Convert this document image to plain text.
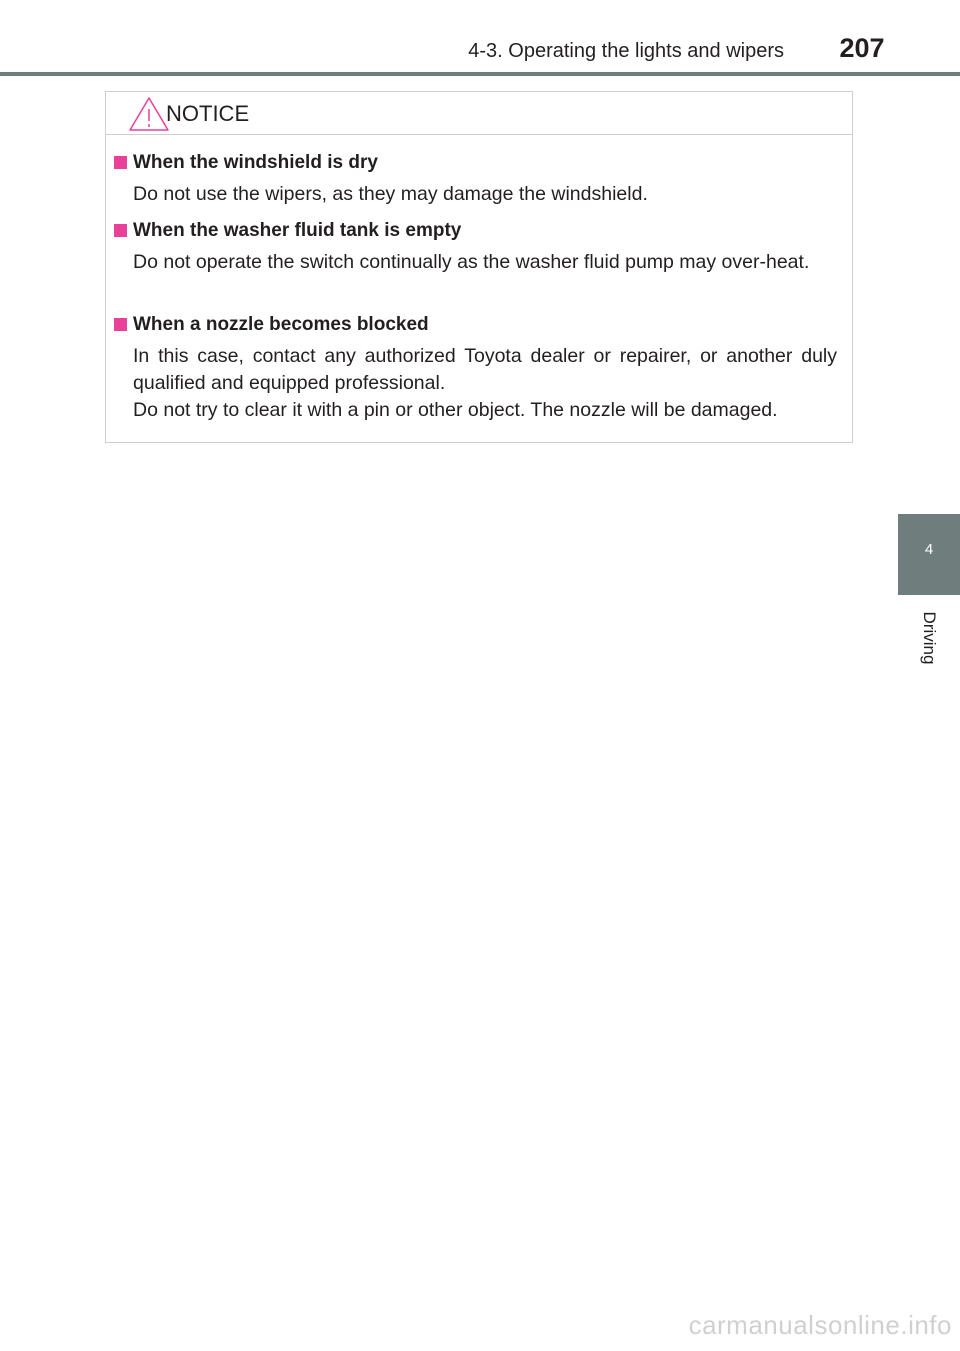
4-3. Operating the lights and wipers 207
NOTICE
When the windshield is dry

Do not use the wipers, as they may damage the windshield.

When the washer fluid tank is empty

Do not operate the switch continually as the washer fluid pump may over-heat.

When a nozzle becomes blocked

In this case, contact any authorized Toyota dealer or repairer, or another duly qualified and equipped professional.

Do not try to clear it with a pin or other object. The nozzle will be damaged.

4
Driving
carmanualsonline.info
